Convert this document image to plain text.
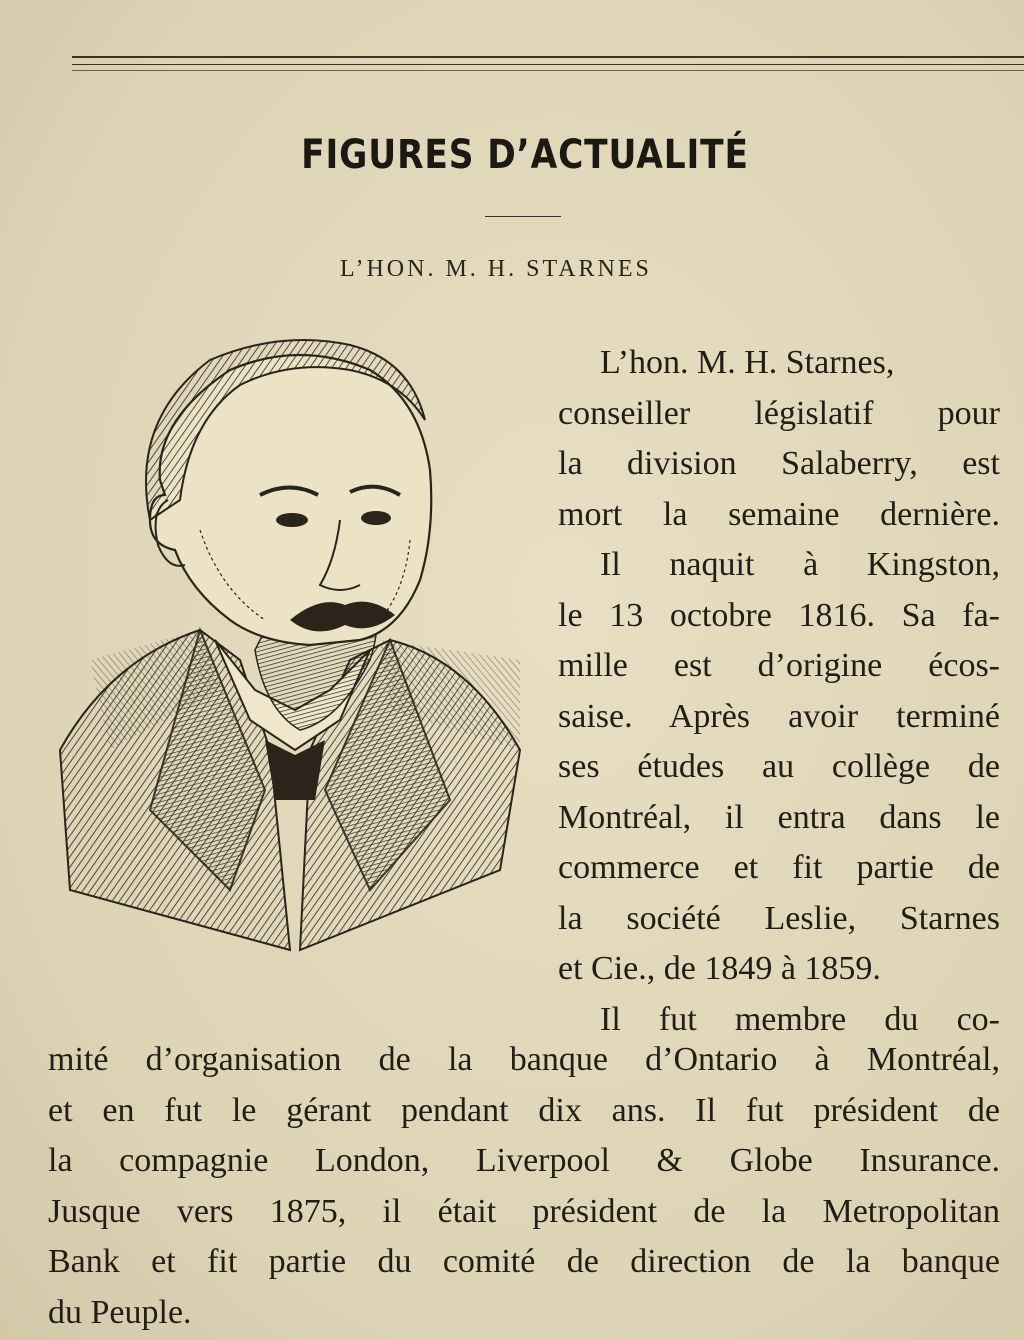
FIGURES D’ACTUALITÉ
L’HON. M. H. STARNES
L’hon. M. H. Starnes,
conseiller législatif pour
la division Salaberry, est
mort la semaine dernière.
Il naquit à Kingston,
le 13 octobre 1816. Sa fa-
mille est d’origine écos-
saise. Après avoir terminé
ses études au collège de
Montréal, il entra dans le
commerce et fit partie de
la société Leslie, Starnes
et Cie., de 1849 à 1859.
Il fut membre du co-
mité d’organisation de la banque d’Ontario à Montréal,
et en fut le gérant pendant dix ans. Il fut président de
la compagnie London, Liverpool & Globe Insurance.
Jusque vers 1875, il était président de la Metropolitan
Bank et fit partie du comité de direction de la banque
du Peuple.
